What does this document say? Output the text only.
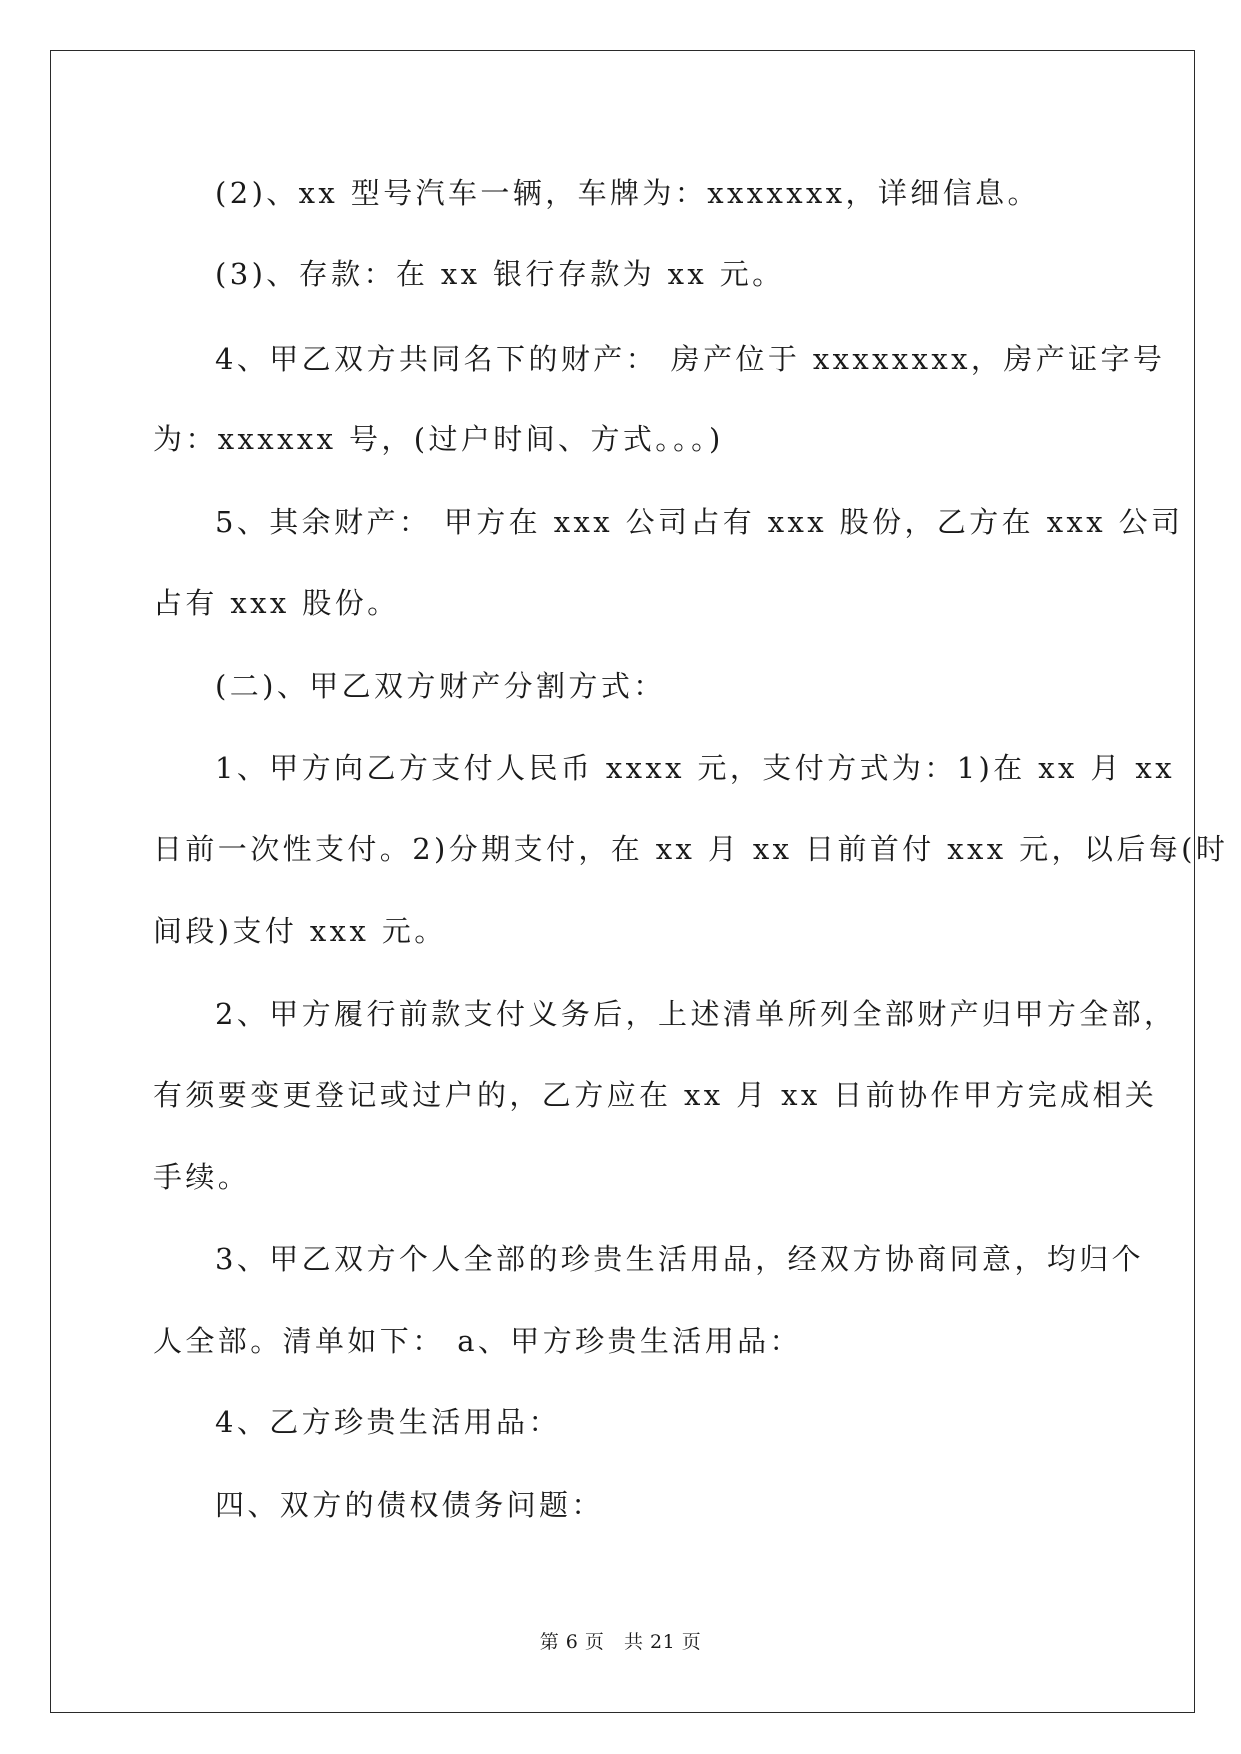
(2)、xx 型号汽车一辆，车牌为：xxxxxxx，详细信息。
(3)、存款：在 xx 银行存款为 xx 元。
4、甲乙双方共同名下的财产： 房产位于 xxxxxxxx，房产证字号
为：xxxxxx 号，(过户时间、方式。。。)
5、其余财产： 甲方在 xxx 公司占有 xxx 股份，乙方在 xxx 公司
占有 xxx 股份。
(二)、甲乙双方财产分割方式：
1、甲方向乙方支付人民币 xxxx 元，支付方式为：1)在 xx 月 xx
日前一次性支付。2)分期支付，在 xx 月 xx 日前首付 xxx 元，以后每(时
间段)支付 xxx 元。
2、甲方履行前款支付义务后，上述清单所列全部财产归甲方全部，
有须要变更登记或过户的，乙方应在 xx 月 xx 日前协作甲方完成相关
手续。
3、甲乙双方个人全部的珍贵生活用品，经双方协商同意，均归个
人全部。清单如下： a、甲方珍贵生活用品：
4、乙方珍贵生活用品：
四、双方的债权债务问题：
第 6 页   共 21 页
